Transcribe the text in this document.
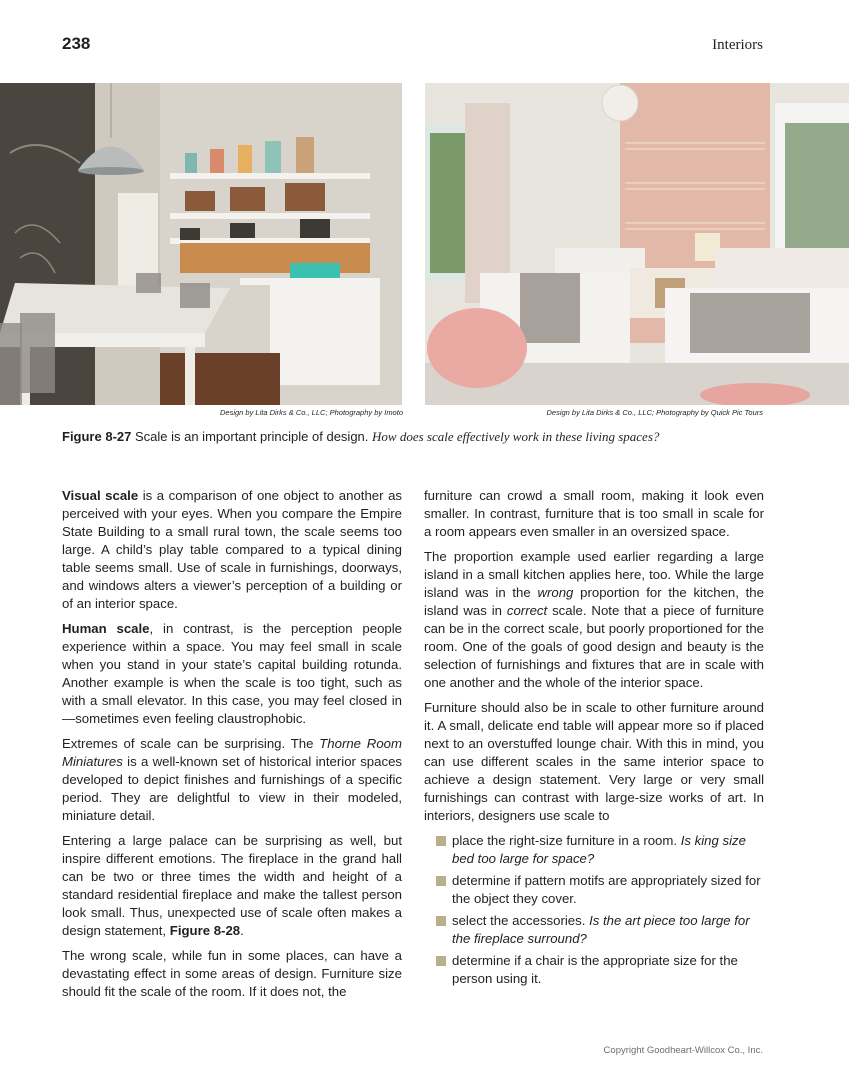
238	Interiors
Design by Lita Dirks & Co., LLC; Photography by Imoto	Design by Lita Dirks & Co., LLC; Photography by Quick Pic Tours
Figure 8-27 Scale is an important principle of design. How does scale effectively work in these living spaces?

Visual scale is a comparison of one object to another as perceived with your eyes. When you compare the Empire State Building to a small rural town, the scale seems too large. A child’s play table compared to a typical dining table seems small. Use of scale in furnishings, doorways, and windows alters a viewer’s perception of a building or of an interior space.

Human scale, in contrast, is the perception people experience within a space. You may feel small in scale when you stand in your state’s capital building rotunda. Another example is when the scale is too tight, such as with a small elevator. In this case, you may feel closed in—sometimes even feeling claustrophobic.

Extremes of scale can be surprising. The Thorne Room Miniatures is a well-known set of historical interior spaces developed to depict finishes and furnishings of a specific period. They are delightful to view in their modeled, miniature detail.

Entering a large palace can be surprising as well, but inspire different emotions. The fireplace in the grand hall can be two or three times the width and height of a standard residential fireplace and make the tallest person look small. Thus, unexpected use of scale often makes a design statement, Figure 8-28.

The wrong scale, while fun in some places, can have a devastating effect in some areas of design. Furniture size should fit the scale of the room. If it does not, the

furniture can crowd a small room, making it look even smaller. In contrast, furniture that is too small in scale for a room appears even smaller in an oversized space.

The proportion example used earlier regarding a large island in a small kitchen applies here, too. While the large island was in the wrong proportion for the kitchen, the island was in correct scale. Note that a piece of furniture can be in the correct scale, but poorly proportioned for the room. One of the goals of good design and beauty is the selection of furnishings and fixtures that are in scale with one another and the whole of the interior space.

Furniture should also be in scale to other furniture around it. A small, delicate end table will appear more so if placed next to an overstuffed lounge chair. With this in mind, you can use different scales in the same interior space to achieve a design statement. Very large or very small furnishings can contrast with large-size works of art. In interiors, designers use scale to

place the right-size furniture in a room. Is king size bed too large for space?
determine if pattern motifs are appropriately sized for the object they cover.
select the accessories. Is the art piece too large for the fireplace surround?
determine if a chair is the appropriate size for the person using it.
Copyright Goodheart-Willcox Co., Inc.
